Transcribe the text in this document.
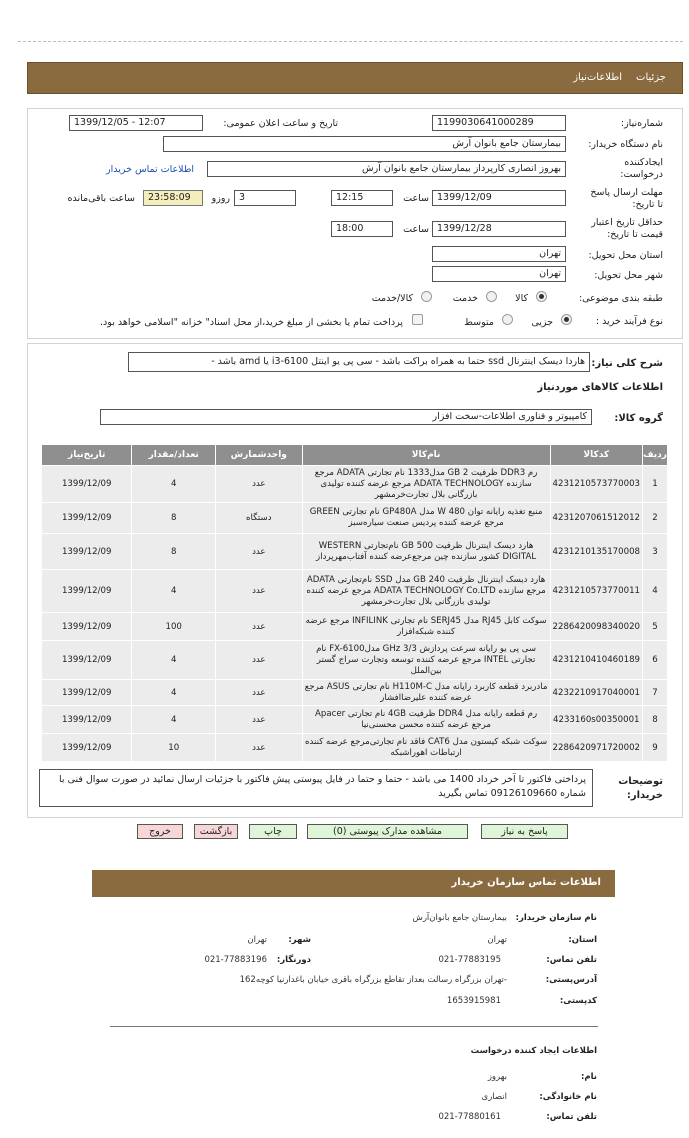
جزئیات
اطلاعات‌نیاز
شماره‌نیاز:
1199030641000289
تاریخ و ساعت اعلان عمومی:
1399/12/05 - 12:07
نام دستگاه‌ خریدار:
بیمارستان جامع بانوان آرش
ایجادکننده
درخواست:
بهروز انصاری کارپرداز بیمارستان جامع بانوان آرش
اطلاعات تماس خریدار
مهلت ارسال پاسخ
تا تاریخ:
1399/12/09
ساعت
12:15
3
روزو
23:58:09
ساعت باقی‌مانده
حداقل تاریخ اعتبار
قیمت تا تاریخ:
1399/12/28
ساعت
18:00
استان محل تحویل:
تهران
شهر محل تحویل:
تهران
طبقه بندی موضوعی:
کالا
خدمت
کالا/خدمت
نوع فرآیند خرید :
جزیی
متوسط
پرداخت تمام یا بخشی از مبلغ خرید،از محل اسناد" خزانه "اسلامی خواهد بود.
شرح کلی نیاز:
هاردا دیسک اینترنال ssd حتما به همراه براکت باشد - سی پی یو اینتل i3-6100 یا amd باشد -
اطلاعات کالاهای موردنیاز
گروه کالا:
کامپیوتر و فناوری اطلاعات-سخت افزار
ردیف	کدکالا	نام‌کالا	واحدشمارش	تعداد/مقدار	تاریخ‌نیاز
1	4231210573770003	رم DDR3 ظرفیت 2 GB مدل1333 نام تجارتی ADATA مرجع سازنده ADATA TECHNOLOGY مرجع عرضه کننده تولیدی بازرگانی بلال تجارت‌خرمشهر	عدد	4	1399/12/09
2	4231207061512012	منبع تغذیه رایانه توان 480 W مدل GP480A نام تجارتی GREEN مرجع عرضه کننده پردیس صنعت سیاره‌سبز	دستگاه	8	1399/12/09
3	4231210135170008	هارد دیسک اینترنال ظرفیت 500 GB نام‌تجارتی WESTERN DIGITAL کشور سازنده چین مرجع‌عرضه کننده آفتاب‌مهرپرداز	عدد	8	1399/12/09
4	4231210573770011	هارد دیسک اینترنال ظرفیت 240 GB مدل SSD نام‌تجارتی ADATA مرجع سازنده ADATA TECHNOLOGY Co.LTD مرجع عرضه کننده تولیدی بازرگانی بلال تجارت‌خرمشهر	عدد	4	1399/12/09
5	2286420098340020	سوکت کابل RJ45 مدل SERJ45 نام تجارتی INFILINK مرجع عرضه کننده شبکه‌افزار	عدد	100	1399/12/09
6	4231210410460189	سی پی یو رایانه سرعت پردازش 3/3 GHz مدلFX-6100 نام تجارتی INTEL مرجع عرضه کننده توسعه وتجارت سراج گستر بین‌الملل	عدد	4	1399/12/09
7	4232210917040001	مادربرد قطعه کاربرد رایانه مدل H110M-C نام تجارتی ASUS مرجع عرضه کننده علیرضاافشار	عدد	4	1399/12/09
8	4233160s00350001	رم قطعه رایانه مدل DDR4 ظرفیت 4GB نام تجارتی Apacer مرجع عرضه کننده محسن محسنی‌نیا	عدد	4	1399/12/09
9	2286420971720002	سوکت شبکه کیستون مدل CAT6 فاقد نام تجارتی‌مرجع عرضه کننده ارتباطات اهورا‌شبکه	عدد	10	1399/12/09
توضیحات
خریدار:
پرداختی فاکتور تا آخر خرداد 1400 می باشد - حتما و حتما در فایل پیوستی پیش فاکتور با جزئیات ارسال نمائید در صورت سوال فنی با شماره 09126109660 تماس بگیرید
پاسخ به نیاز
مشاهده مدارک پیوستی (0)
چاپ
بازگشت
خروج
اطلاعات تماس سازمان خریدار
نام سازمان خریدار:
بیمارستان جامع بانوان‌آرش
استان:
تهران
شهر:
تهران
تلفن تماس:
021-77883195
دورنگار:
021-77883196
آدرس‌پستی:
-تهران بزرگراه رسالت بعداز تقاطع بزرگراه باقری خیابان باغدارنیا کوچه162
کدپستی:
1653915981
اطلاعات ایجاد کننده درخواست
نام:
بهروز
نام خانوادگی:
انصاری
تلفن تماس:
021-77880161
